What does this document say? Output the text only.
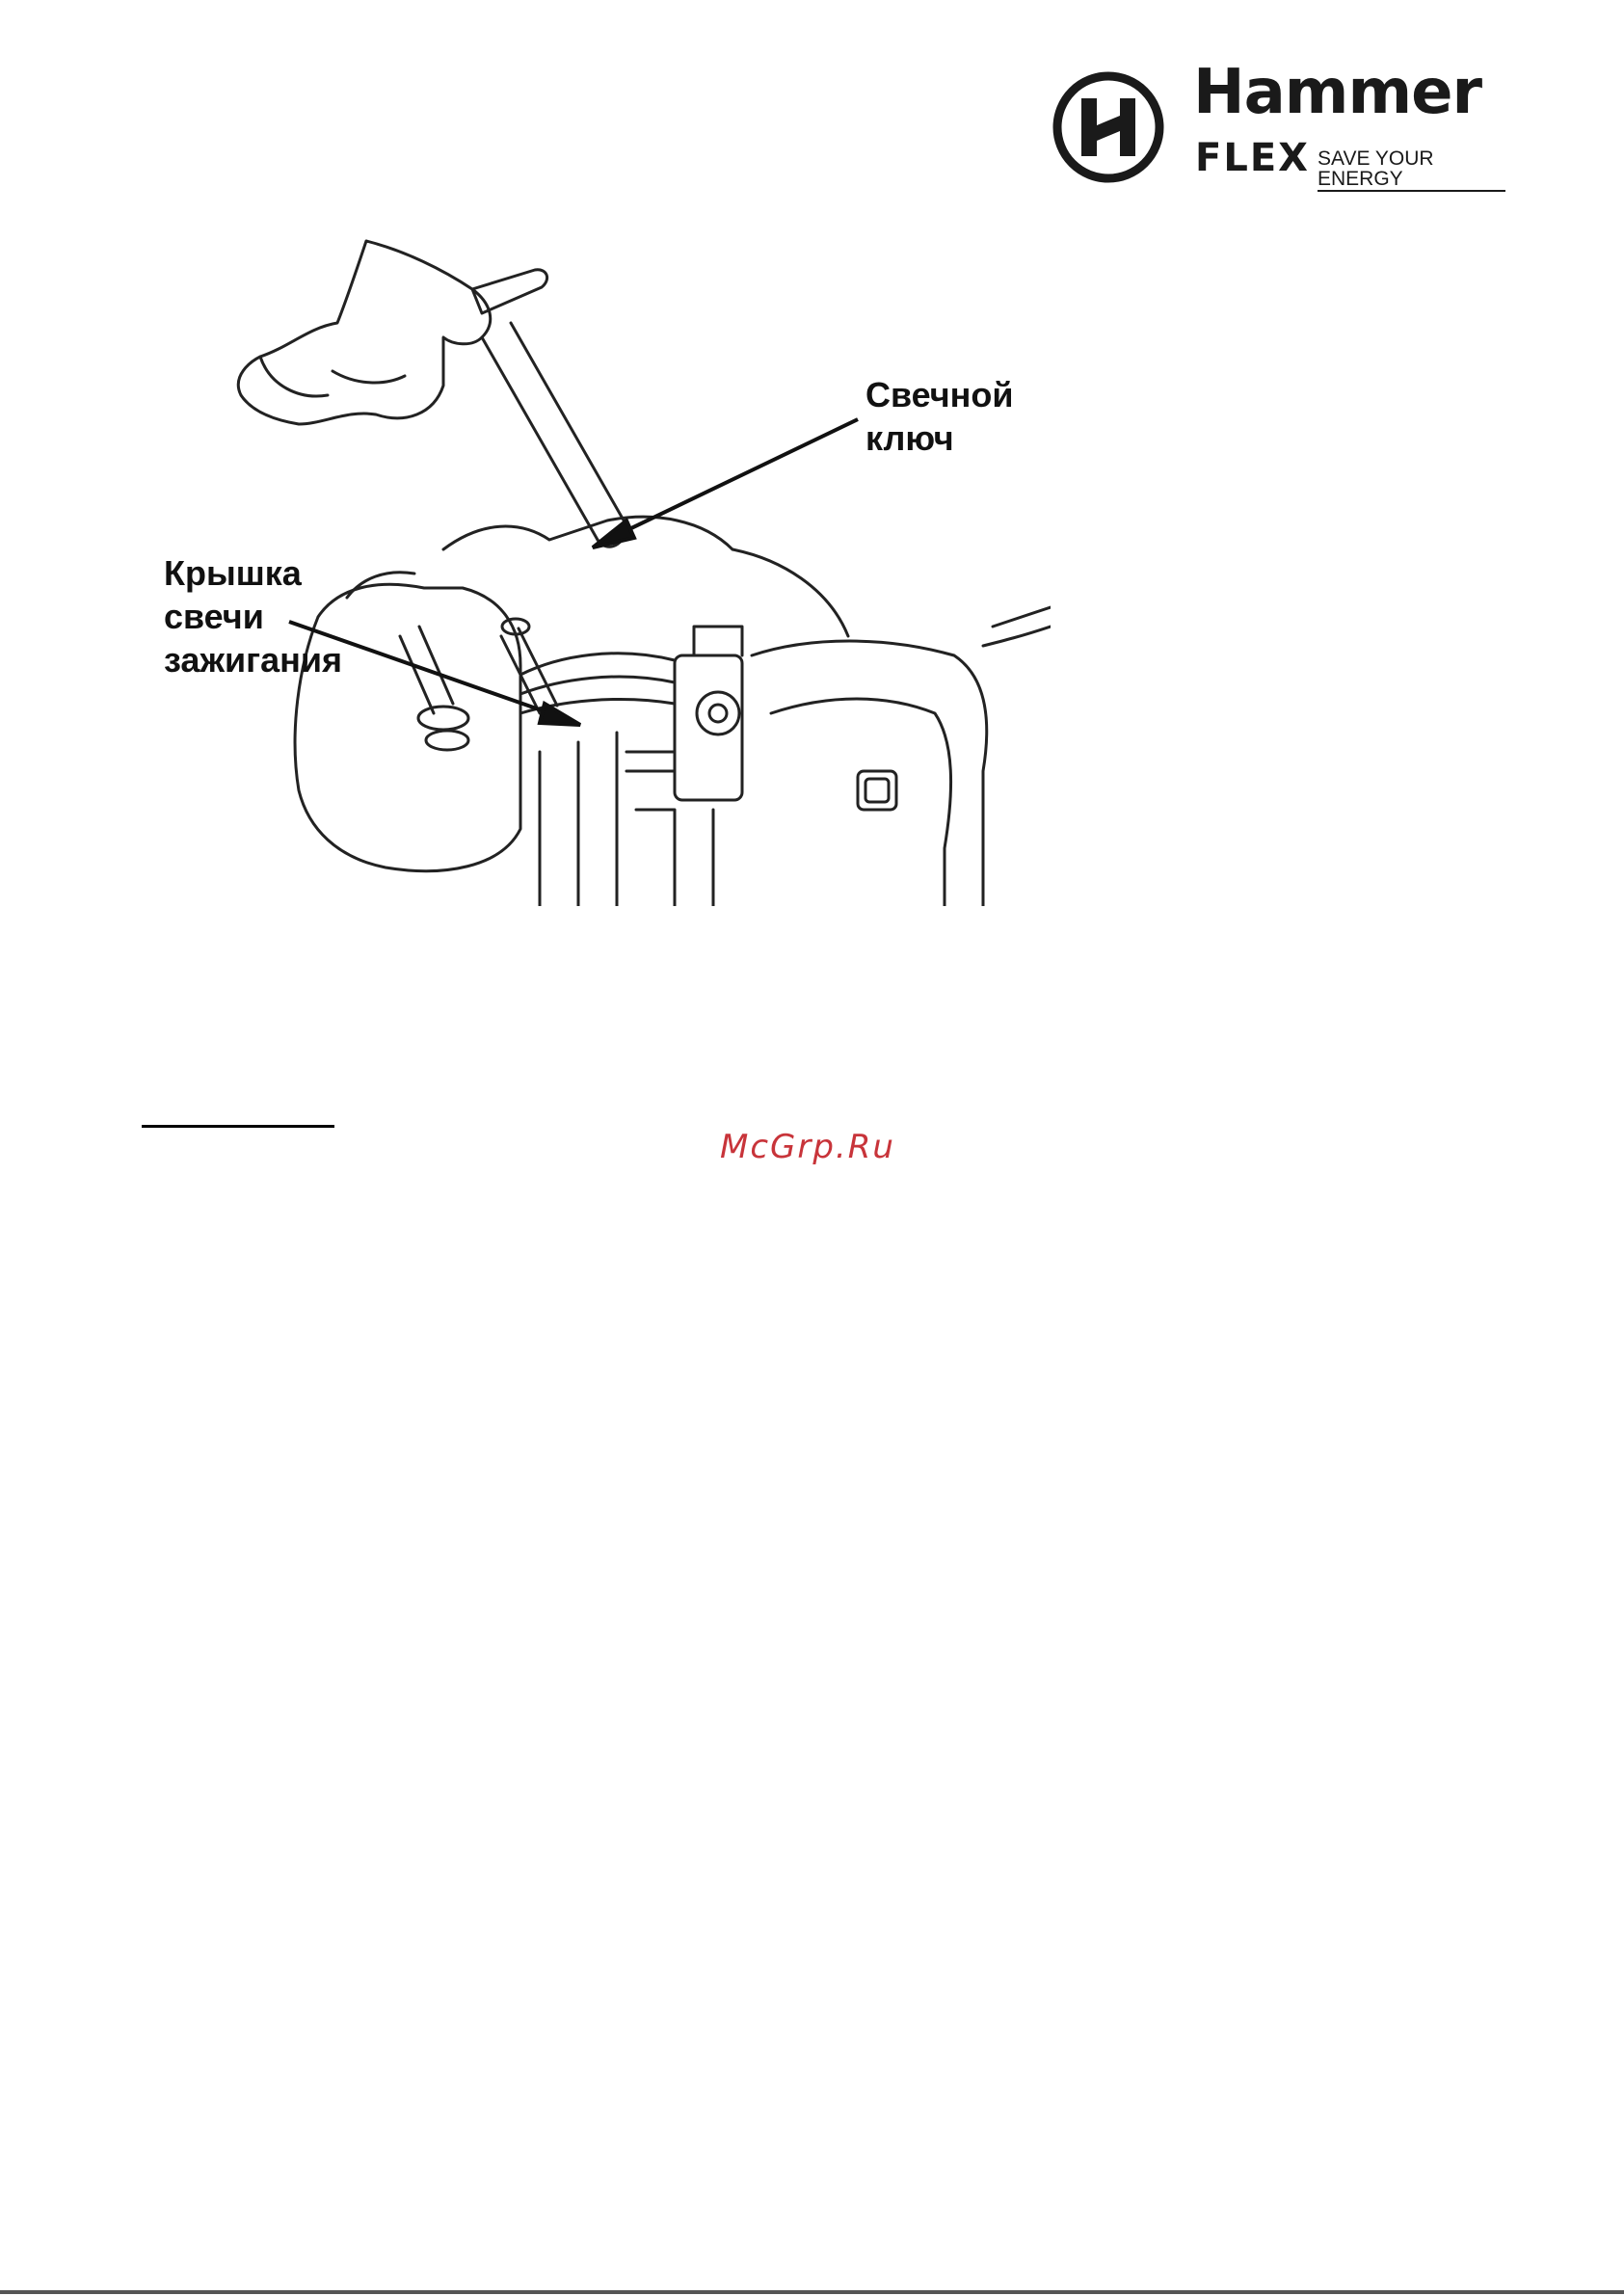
Hammer
FLEX SAVE YOUR ENERGY
Свечной
ключ
Крышка
свечи
зажигания
McGrp.Ru
